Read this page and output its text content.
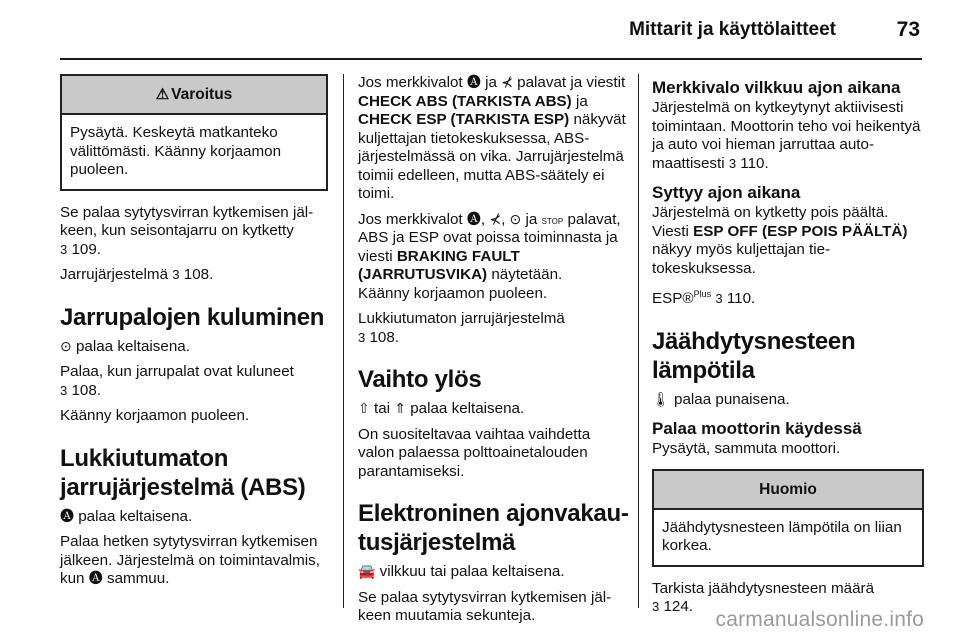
Mittarit ja käyttölaitteet	73
⚠ Varoitus
Pysäytä. Keskeytä matkanteko välittömästi. Käänny korjaamon puoleen.

Se palaa sytytysvirran kytkemisen jälkeen, kun seisontajarru on kytketty
3 109.

Jarrujärjestelmä 3 108.

Jarrupalojen kuluminen

⊙ palaa keltaisena.

Palaa, kun jarrupalat ovat kuluneet
3 108.

Käänny korjaamon puoleen.

Lukkiutumaton jarrujärjestelmä (ABS)

🅐 palaa keltaisena.

Palaa hetken sytytysvirran kytkemisen jälkeen. Järjestelmä on toimintavalmis, kun 🅐 sammuu.

Jos merkkivalot 🅐 ja ⊀ palavat ja viestit CHECK ABS (TARKISTA ABS) ja CHECK ESP (TARKISTA ESP) näkyvät kuljettajan tietokeskuksessa, ABS-järjestelmässä on vika. Jarrujärjestelmä toimii edelleen, mutta ABS-säätely ei toimi.

Jos merkkivalot 🅐, ⊀, ⊙ ja STOP palavat, ABS ja ESP ovat poissa toiminnasta ja viesti BRAKING FAULT (JARRUTUSVIKA) näytetään.
Käänny korjaamon puoleen.

Lukkiutumaton jarrujärjestelmä
3 108.

Vaihto ylös

⇧ tai ⇑ palaa keltaisena.

On suositeltavaa vaihtaa vaihdetta valon palaessa polttoainetalouden parantamiseksi.

Elektroninen ajonvakautusjärjestelmä

🚘 vilkkuu tai palaa keltaisena.

Se palaa sytytysvirran kytkemisen jälkeen muutamia sekunteja.

Merkkivalo vilkkuu ajon aikana

Järjestelmä on kytkeytynyt aktiivisesti toimintaan. Moottorin teho voi heikentyä ja auto voi hieman jarruttaa automaattisesti 3 110.

Syttyy ajon aikana

Järjestelmä on kytketty pois päältä. Viesti ESP OFF (ESP POIS PÄÄLTÄ) näkyy myös kuljettajan tietokeskuksessa.

ESP®$^{Plus}$ 3 110.

Jäähdytysnesteen lämpötila

🌡 palaa punaisena.

Palaa moottorin käydessä

Pysäytä, sammuta moottori.

Huomio
Jäähdytysnesteen lämpötila on liian korkea.

Tarkista jäähdytysnesteen määrä
3 124.

carmanualsonline.info
